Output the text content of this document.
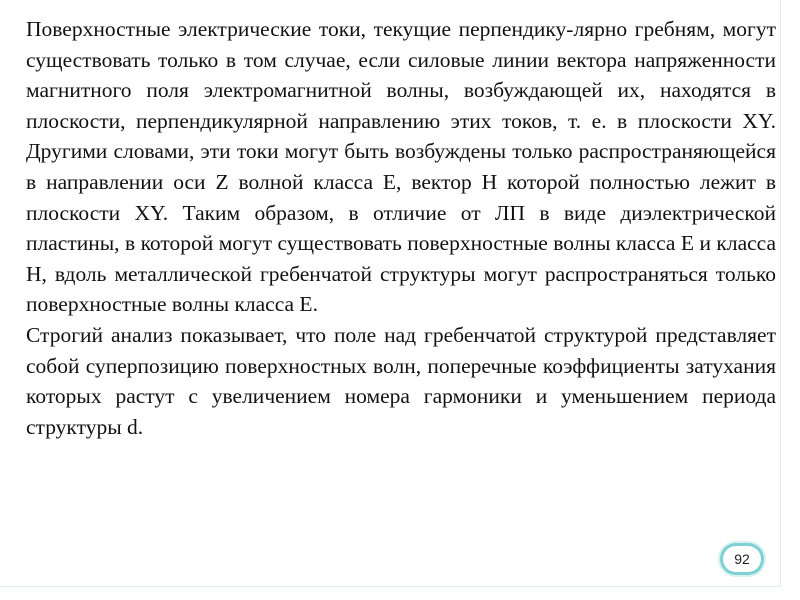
Поверхностные электрические токи, текущие перпендику-лярно гребням, могут существовать только в том случае, если силовые линии вектора напряженности магнитного поля электромагнитной волны, возбуждающей их, находятся в плоскости, перпендикулярной направлению этих токов, т. е. в плоскости XY. Другими словами, эти токи могут быть возбуждены только распространяющейся в направлении оси Z волной класса Е, вектор Н которой полностью лежит в плоскости XY. Таким образом, в отличие от ЛП в виде диэлектрической пластины, в которой могут существовать поверхностные волны класса Е и класса Н, вдоль металлической гребенчатой структуры могут распространяться только поверхностные волны класса Е.

Строгий анализ показывает, что поле над гребенчатой структурой представляет собой суперпозицию поверхностных волн, поперечные коэффициенты затухания которых растут с увеличением номера гармоники и уменьшением периода структуры d.

92
